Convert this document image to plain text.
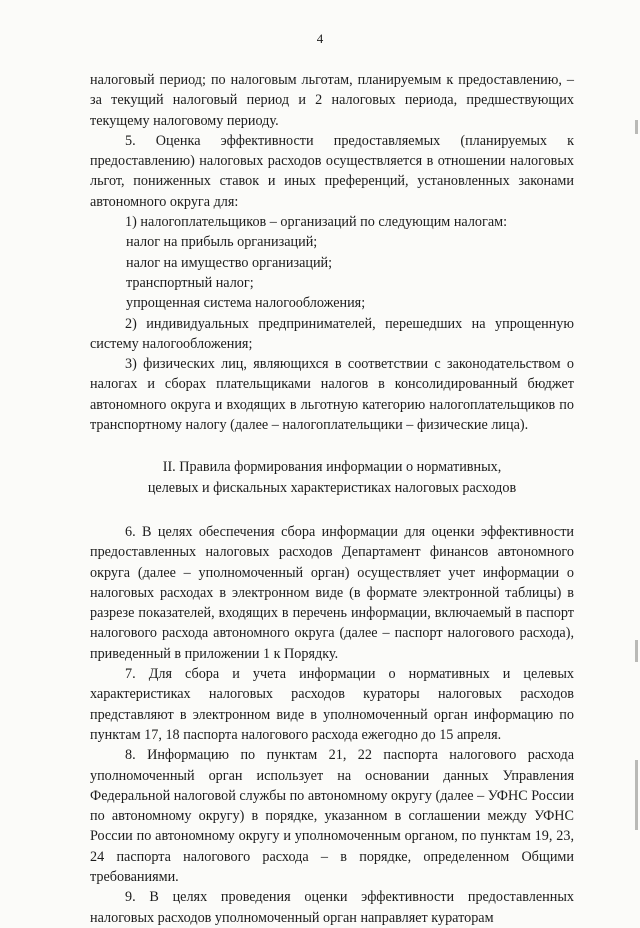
4

налоговый период; по налоговым льготам, планируемым к предоставлению, – за текущий налоговый период и 2 налоговых периода, предшествующих текущему налоговому периоду.

5. Оценка эффективности предоставляемых (планируемых к предоставлению) налоговых расходов осуществляется в отношении налоговых льгот, пониженных ставок и иных преференций, установленных законами автономного округа для:

1) налогоплательщиков – организаций по следующим налогам:

налог на прибыль организаций;

налог на имущество организаций;

транспортный налог;

упрощенная система налогообложения;

2) индивидуальных предпринимателей, перешедших на упрощенную систему налогообложения;

3) физических лиц, являющихся в соответствии с законодательством о налогах и сборах плательщиками налогов в консолидированный бюджет автономного округа и входящих в льготную категорию налогоплательщиков по транспортному налогу (далее – налогоплательщики – физические лица).

II. Правила формирования информации о нормативных,
целевых и фискальных характеристиках налоговых расходов

6. В целях обеспечения сбора информации для оценки эффективности предоставленных налоговых расходов Департамент финансов автономного округа (далее – уполномоченный орган) осуществляет учет информации о налоговых расходах в электронном виде (в формате электронной таблицы) в разрезе показателей, входящих в перечень информации, включаемый в паспорт налогового расхода автономного округа (далее – паспорт налогового расхода), приведенный в приложении 1 к Порядку.

7. Для сбора и учета информации о нормативных и целевых характеристиках налоговых расходов кураторы налоговых расходов представляют в электронном виде в уполномоченный орган информацию по пунктам 17, 18 паспорта налогового расхода ежегодно до 15 апреля.

8. Информацию по пунктам 21, 22 паспорта налогового расхода уполномоченный орган использует на основании данных Управления Федеральной налоговой службы по автономному округу (далее – УФНС России по автономному округу) в порядке, указанном в соглашении между УФНС России по автономному округу и уполномоченным органом, по пунктам 19, 23, 24 паспорта налогового расхода – в порядке, определенном Общими требованиями.

9. В целях проведения оценки эффективности предоставленных налоговых расходов уполномоченный орган направляет кураторам
